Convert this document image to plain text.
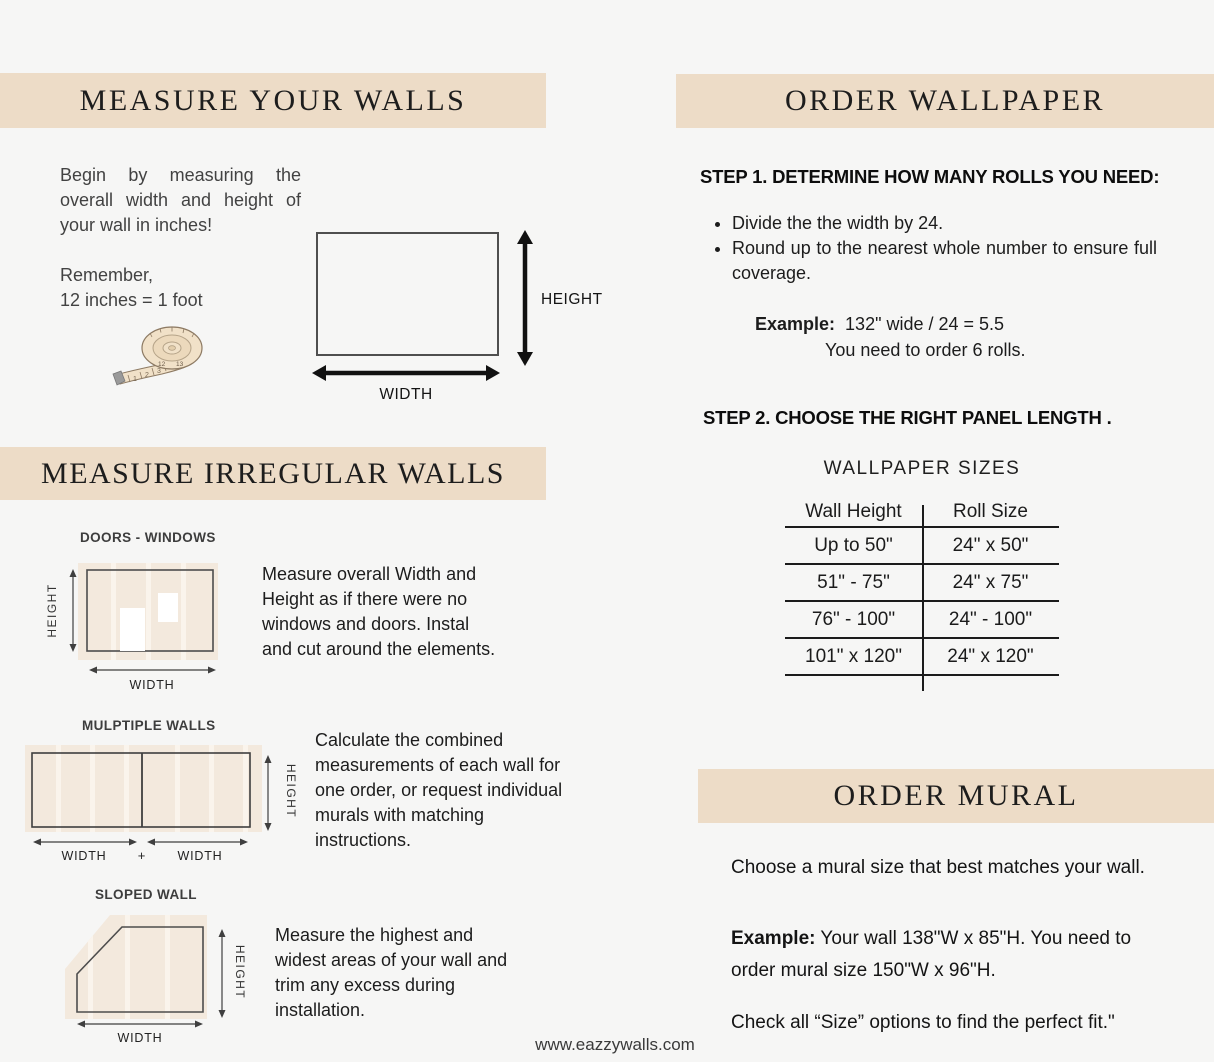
MEASURE YOUR WALLS
Begin by measuring the overall width and height of your wall in inches!
Remember,
12 inches = 1 foot
1
2
3
12 13
HEIGHT
WIDTH
MEASURE IRREGULAR WALLS
DOORS - WINDOWS
HEIGHT
WIDTH
Measure overall Width and Height as if there were no windows and doors. Instal and cut around the elements.
MULPTIPLE WALLS
HEIGHT
WIDTH +	WIDTH
Calculate the combined measurements of each wall for one order, or request individual murals with matching instructions.
SLOPED WALL
HEIGHT
WIDTH
Measure the highest and widest areas of your wall and trim any excess during installation.
ORDER WALLPAPER
STEP 1. DETERMINE HOW MANY ROLLS YOU NEED:
• Divide the the width by 24.
• Round up to the nearest whole number to ensure full coverage.
Example: 132" wide / 24 = 5.5
You need to order 6 rolls.
STEP 2. CHOOSE THE RIGHT PANEL LENGTH .
WALLPAPER SIZES
Wall Height	Roll Size
Up to 50"	24" x 50"
51" - 75"	24" x 75"
76" - 100"	24" - 100"
101" x 120"	24" x 120"
ORDER MURAL
Choose a mural size that best matches your wall.
Example: Your wall 138"W x 85"H. You need to order mural size 150"W x 96"H.
Check all “Size” options to find the perfect fit."
www.eazzywalls.com
